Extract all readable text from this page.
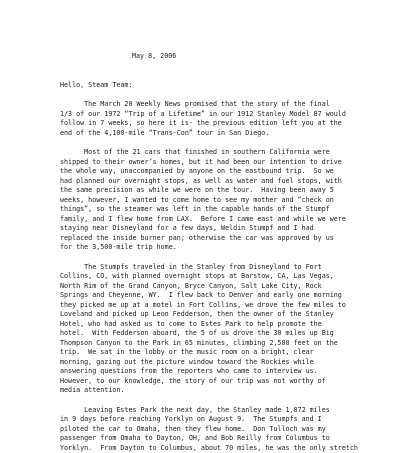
May 8, 2006
Hello, Steam Team:
The March 20 Weekly News promised that the story of the final
1/3 of our 1972 “Trip of a Lifetime” in our 1912 Stanley Model 87 would
follow in 7 weeks, so here it is- the previous edition left you at the
end of the 4,100-mile “Trans-Con” tour in San Diego.
Most of the 21 cars that finished in southern California were
shipped to their owner’s homes, but it had been our intention to drive
the whole way, unaccompanied by anyone on the eastbound trip.  So we
had planned our overnight stops, as well as water and fuel stops, with
the same precision as while we were on the tour.  Having been away 5
weeks, however, I wanted to come home to see my mother and “check on
things”, so the steamer was left in the capable hands of the Stumpf
family, and I flew home from LAX.  Before I came east and while we were
staying near Disneyland for a few days, Weldin Stumpf and I had
replaced the inside burner pan; otherwise the car was approved by us
for the 3,500-mile trip home.
The Stumpfs traveled in the Stanley from Disneyland to Fort
Collins, CO, with planned overnight stops at Barstow, CA, Las Vegas,
North Rim of the Grand Canyon, Bryce Canyon, Salt Lake City, Rock
Springs and Cheyenne, WY.  I flew back to Denver and early one morning
they picked me up at a motel in Fort Collins, we drove the few miles to
Loveland and picked up Leon Fedderson, then the owner of the Stanley
Hotel, who had asked us to come to Estes Park to help promote the
hotel.  With Fedderson aboard, the 5 of us drove the 30 miles up Big
Thompson Canyon to the Park in 65 minutes, climbing 2,500 feet on the
trip.  We sat in the lobby or the music room on a bright, clear
morning, gazing out the picture window toward the Rockies while
answering questions from the reporters who came to interview us.
However, to our knowledge, the story of our trip was not worthy of
media attention.
Leaving Estes Park the next day, the Stanley made 1,872 miles
in 9 days before reaching Yorklyn on August 9.  The Stumpfs and I
piloted the car to Omaha, then they flew home.  Don Tulloch was my
passenger from Omaha to Dayton, OH, and Bob Reilly from Columbus to
Yorklyn.  From Dayton to Columbus, about 70 miles, he was the only stretch
